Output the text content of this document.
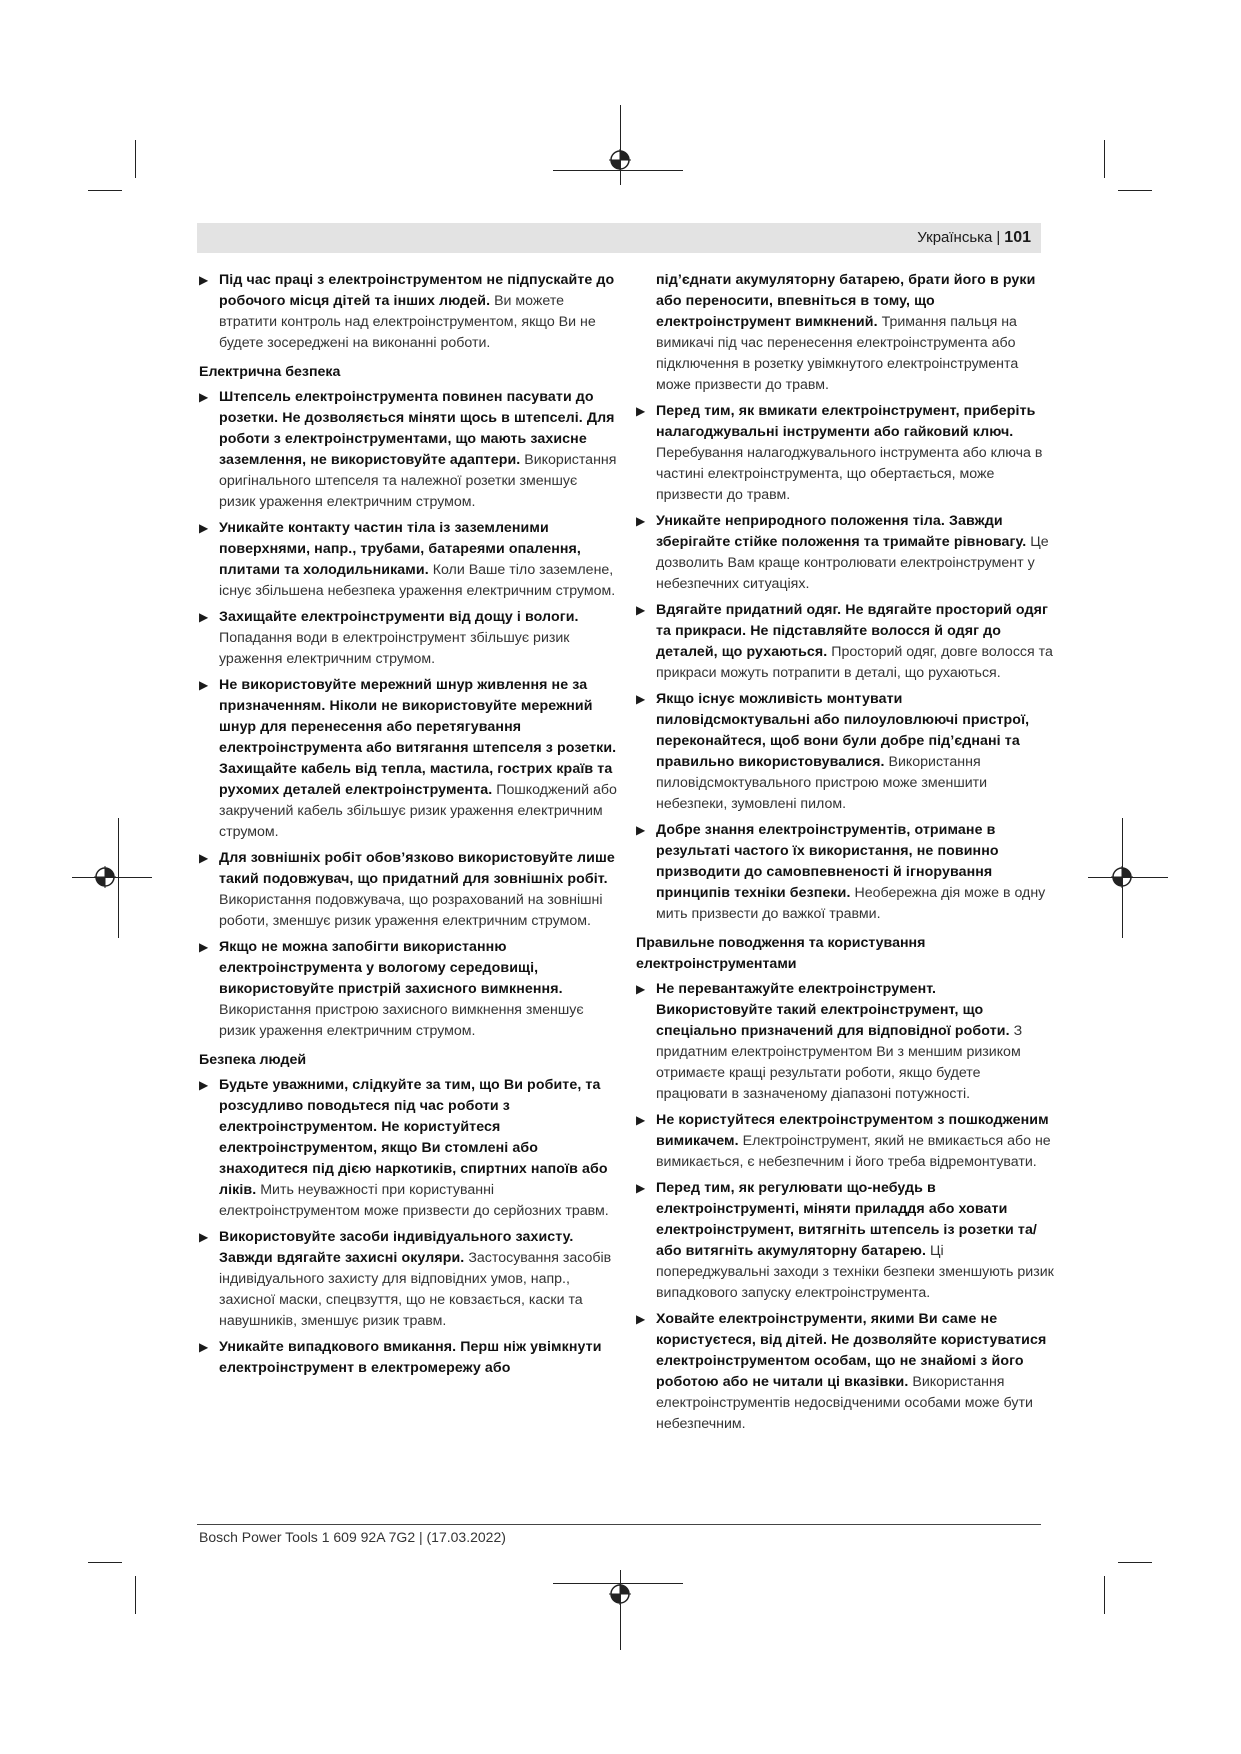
Українська | 101
▶ Під час праці з електроінструментом не підпускайте до робочого місця дітей та інших людей. Ви можете втратити контроль над електроінструментом, якщо Ви не будете зосереджені на виконанні роботи.
Електрична безпека
▶ Штепсель електроінструмента повинен пасувати до розетки. Не дозволяється міняти щось в штепселі. Для роботи з електроінструментами, що мають захисне заземлення, не використовуйте адаптери. Використання оригінального штепселя та належної розетки зменшує ризик ураження електричним струмом.
▶ Уникайте контакту частин тіла із заземленими поверхнями, напр., трубами, батареями опалення, плитами та холодильниками. Коли Ваше тіло заземлене, існує збільшена небезпека ураження електричним струмом.
▶ Захищайте електроінструменти від дощу і вологи. Попадання води в електроінструмент збільшує ризик ураження електричним струмом.
▶ Не використовуйте мережний шнур живлення не за призначенням. Ніколи не використовуйте мережний шнур для перенесення або перетягування електроінструмента або витягання штепселя з розетки. Захищайте кабель від тепла, мастила, гострих країв та рухомих деталей електроінструмента. Пошкоджений або закручений кабель збільшує ризик ураження електричним струмом.
▶ Для зовнішніх робіт обов’язково використовуйте лише такий подовжувач, що придатний для зовнішніх робіт. Використання подовжувача, що розрахований на зовнішні роботи, зменшує ризик ураження електричним струмом.
▶ Якщо не можна запобігти використанню електроінструмента у вологому середовищі, використовуйте пристрій захисного вимкнення. Використання пристрою захисного вимкнення зменшує ризик ураження електричним струмом.
Безпека людей
▶ Будьте уважними, слідкуйте за тим, що Ви робите, та розсудливо поводьтеся під час роботи з електроінструментом. Не користуйтеся електроінструментом, якщо Ви стомлені або знаходитеся під дією наркотиків, спиртних напоїв або ліків. Мить неуважності при користуванні електроінструментом може призвести до серйозних травм.
▶ Використовуйте засоби індивідуального захисту. Завжди вдягайте захисні окуляри. Застосування засобів індивідуального захисту для відповідних умов, напр., захисної маски, спецвзуття, що не ковзається, каски та навушників, зменшує ризик травм.
▶ Уникайте випадкового вмикання. Перш ніж увімкнути електроінструмент в електромережу або
під’єднати акумуляторну батарею, брати його в руки або переносити, впевніться в тому, що електроінструмент вимкнений. Тримання пальця на вимикачі під час перенесення електроінструмента або підключення в розетку увімкнутого електроінструмента може призвести до травм.
▶ Перед тим, як вмикати електроінструмент, приберіть налагоджувальні інструменти або гайковий ключ. Перебування налагоджувального інструмента або ключа в частині електроінструмента, що обертається, може призвести до травм.
▶ Уникайте неприродного положення тіла. Завжди зберігайте стійке положення та тримайте рівновагу. Це дозволить Вам краще контролювати електроінструмент у небезпечних ситуаціях.
▶ Вдягайте придатний одяг. Не вдягайте просторий одяг та прикраси. Не підставляйте волосся й одяг до деталей, що рухаються. Просторий одяг, довге волосся та прикраси можуть потрапити в деталі, що рухаються.
▶ Якщо існує можливість монтувати пиловідсмоктувальні або пилоуловлюючі пристрої, переконайтеся, щоб вони були добре під’єднані та правильно використовувалися. Використання пиловідсмоктувального пристрою може зменшити небезпеки, зумовлені пилом.
▶ Добре знання електроінструментів, отримане в результаті частого їх використання, не повинно призводити до самовпевненості й ігнорування принципів техніки безпеки. Необережна дія може в одну мить призвести до важкої травми.
Правильне поводження та користування електроінструментами
▶ Не перевантажуйте електроінструмент. Використовуйте такий електроінструмент, що спеціально призначений для відповідної роботи. З придатним електроінструментом Ви з меншим ризиком отримаєте кращі результати роботи, якщо будете працювати в зазначеному діапазоні потужності.
▶ Не користуйтеся електроінструментом з пошкодженим вимикачем. Електроінструмент, який не вмикається або не вимикається, є небезпечним і його треба відремонтувати.
▶ Перед тим, як регулювати що-небудь в електроінструменті, міняти приладдя або ховати електроінструмент, витягніть штепсель із розетки та/або витягніть акумуляторну батарею. Ці попереджувальні заходи з техніки безпеки зменшують ризик випадкового запуску електроінструмента.
▶ Ховайте електроінструменти, якими Ви саме не користуєтеся, від дітей. Не дозволяйте користуватися електроінструментом особам, що не знайомі з його роботою або не читали ці вказівки. Використання електроінструментів недосвідченими особами може бути небезпечним.
Bosch Power Tools 1 609 92A 7G2 | (17.03.2022)
